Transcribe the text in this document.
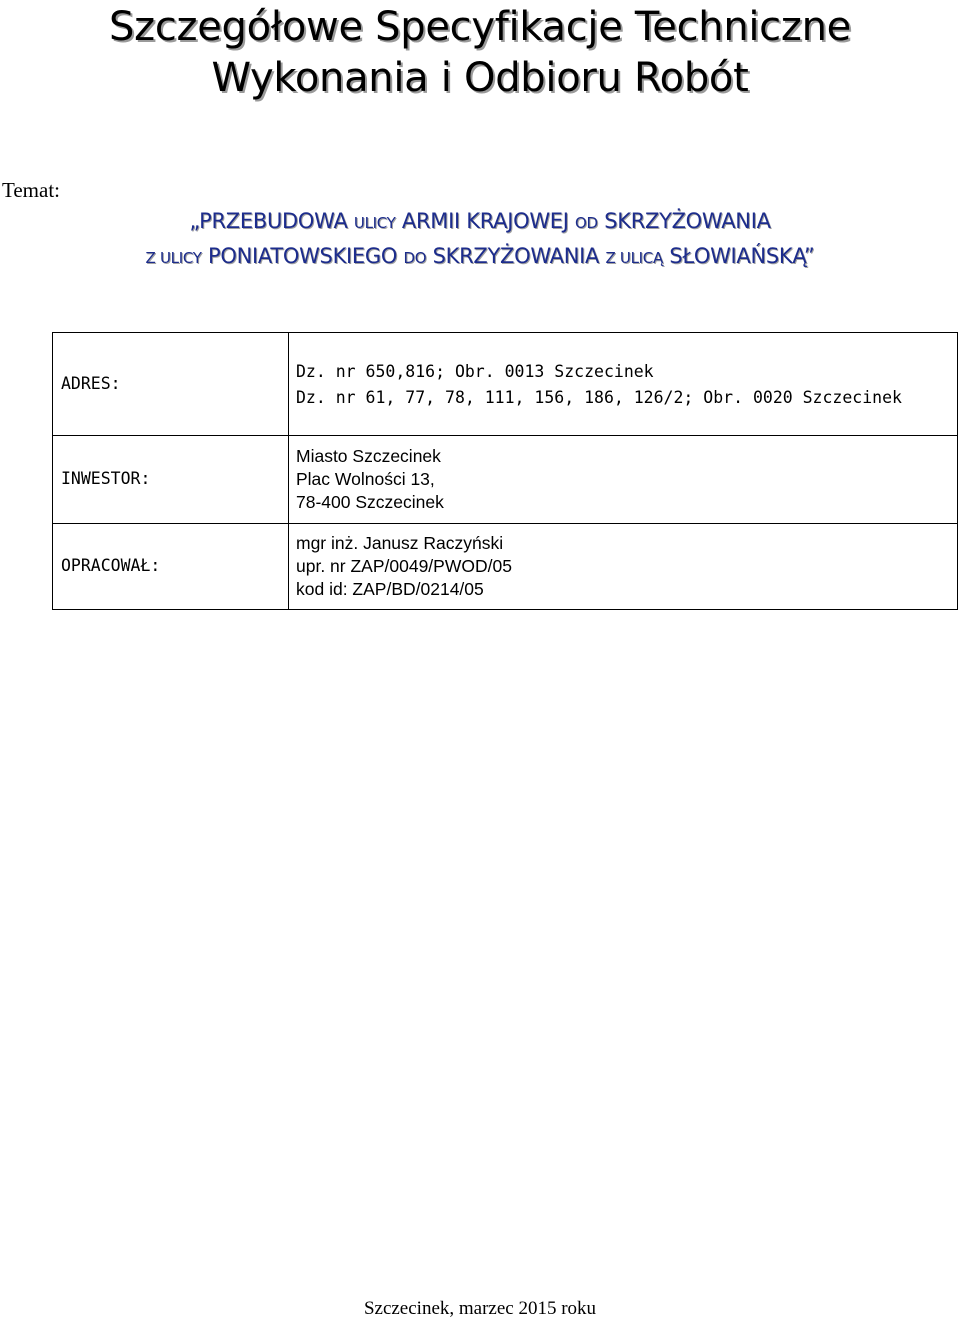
Szczegółowe Specyfikacje Techniczne
Wykonania i Odbioru Robót
Temat:
„PRZEBUDOWA ULICY ARMII KRAJOWEJ OD SKRZYŻOWANIA
Z ULICY PONIATOWSKIEGO DO SKRZYŻOWANIA Z ULICĄ SŁOWIAŃSKĄ”
ADRES:
Dz. nr 650,816; Obr. 0013 Szczecinek
Dz. nr 61, 77, 78, 111, 156, 186, 126/2; Obr. 0020 Szczecinek
INWESTOR:
Miasto Szczecinek
Plac Wolności 13,
78-400 Szczecinek
OPRACOWAŁ:
mgr inż. Janusz Raczyński
upr. nr ZAP/0049/PWOD/05
kod id: ZAP/BD/0214/05
Szczecinek, marzec 2015 roku
